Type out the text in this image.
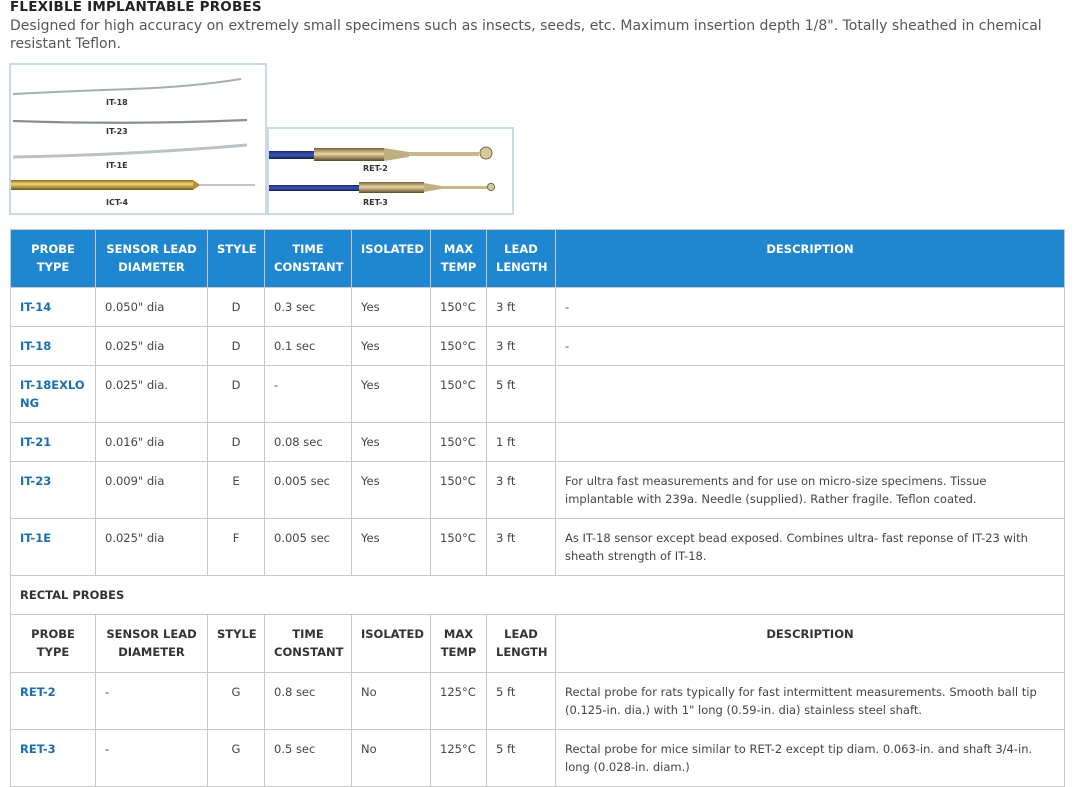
FLEXIBLE IMPLANTABLE PROBES
Designed for high accuracy on extremely small specimens such as insects, seeds, etc. Maximum insertion depth 1/8". Totally sheathed in chemical resistant Teflon.
IT-18
IT-23
IT-1E
ICT-4
RET-2
RET-3
PROBE TYPE	SENSOR LEAD DIAMETER	STYLE	TIME CONSTANT	ISOLATED	MAX TEMP	LEAD LENGTH	DESCRIPTION
IT-14	0.050" dia	D	0.3 sec	Yes	150°C	3 ft	-
IT-18	0.025" dia	D	0.1 sec	Yes	150°C	3 ft	-
IT-18EXLONG	0.025" dia.	D	-	Yes	150°C	5 ft	
IT-21	0.016" dia	D	0.08 sec	Yes	150°C	1 ft	
IT-23	0.009" dia	E	0.005 sec	Yes	150°C	3 ft	For ultra fast measurements and for use on micro-size specimens. Tissue implantable with 239a. Needle (supplied). Rather fragile. Teflon coated.
IT-1E	0.025" dia	F	0.005 sec	Yes	150°C	3 ft	As IT-18 sensor except bead exposed. Combines ultra- fast reponse of IT-23 with sheath strength of IT-18.
RECTAL PROBES							
PROBE TYPE	SENSOR LEAD DIAMETER	STYLE	TIME CONSTANT	ISOLATED	MAX TEMP	LEAD LENGTH	DESCRIPTION
RET-2	-	G	0.8 sec	No	125°C	5 ft	Rectal probe for rats typically for fast intermittent measurements. Smooth ball tip (0.125-in. dia.) with 1" long (0.59-in. dia) stainless steel shaft.
RET-3	-	G	0.5 sec	No	125°C	5 ft	Rectal probe for mice similar to RET-2 except tip diam. 0.063-in. and shaft 3/4-in. long (0.028-in. diam.)
